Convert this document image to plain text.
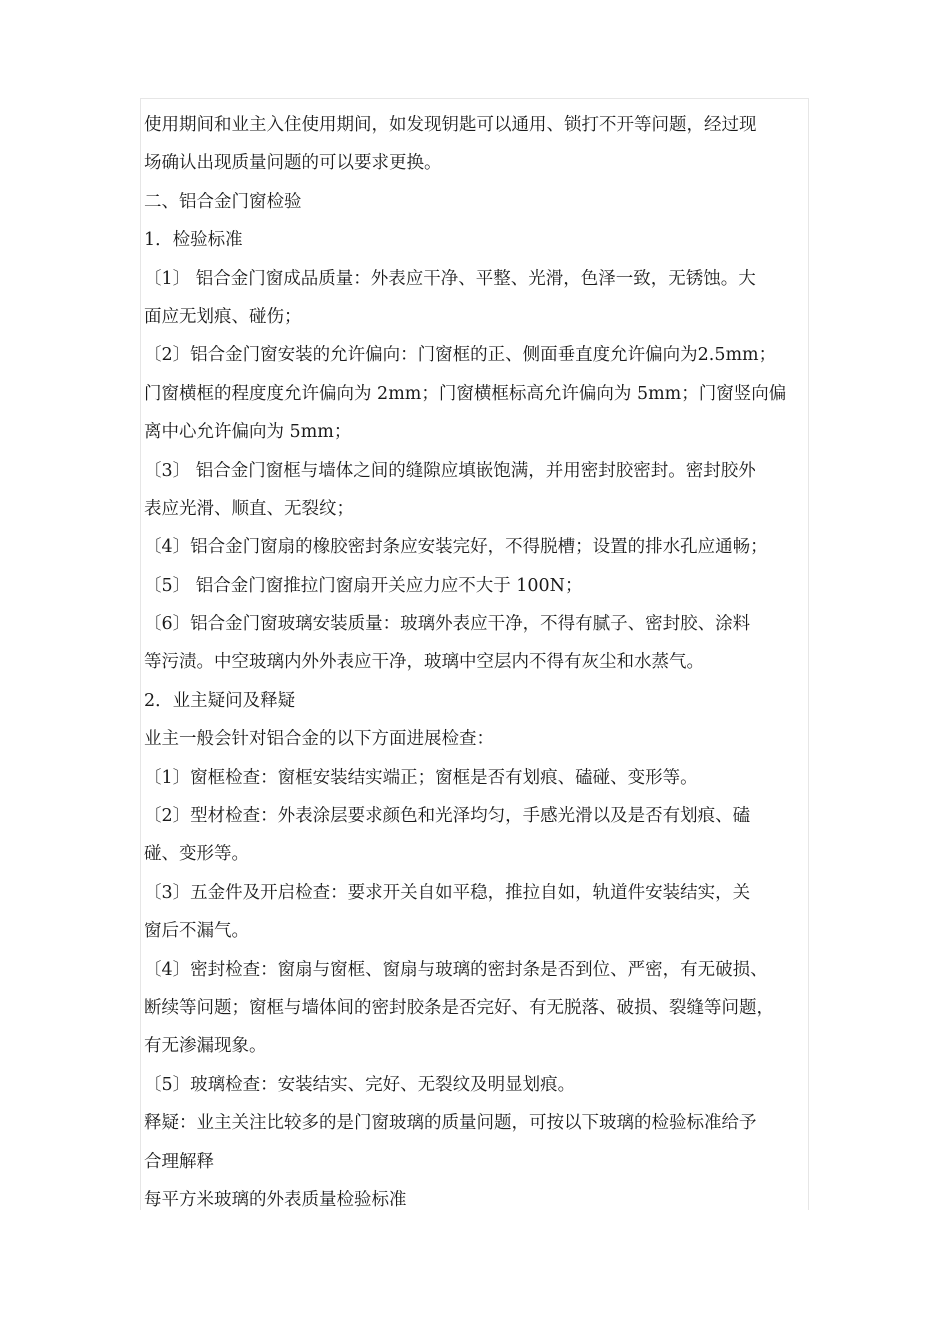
使用期间和业主入住使用期间，如发现钥匙可以通用、锁打不开等问题，经过现
场确认出现质量问题的可以要求更换。
二、铝合金门窗检验
1．检验标准
〔1〕 铝合金门窗成品质量：外表应干净、平整、光滑，色泽一致，无锈蚀。大
面应无划痕、碰伤；
〔2〕铝合金门窗安装的允许偏向：门窗框的正、侧面垂直度允许偏向为2.5mm；
门窗横框的程度度允许偏向为 2mm；门窗横框标高允许偏向为 5mm；门窗竖向偏
离中心允许偏向为 5mm；
〔3〕 铝合金门窗框与墙体之间的缝隙应填嵌饱满，并用密封胶密封。密封胶外
表应光滑、顺直、无裂纹；
〔4〕铝合金门窗扇的橡胶密封条应安装完好，不得脱槽；设置的排水孔应通畅；
〔5〕 铝合金门窗推拉门窗扇开关应力应不大于 100N；
〔6〕铝合金门窗玻璃安装质量：玻璃外表应干净，不得有腻子、密封胶、涂料
等污渍。中空玻璃内外外表应干净，玻璃中空层内不得有灰尘和水蒸气。
2．业主疑问及释疑
业主一般会针对铝合金的以下方面进展检查：
〔1〕窗框检查：窗框安装结实端正；窗框是否有划痕、磕碰、变形等。
〔2〕型材检查：外表涂层要求颜色和光泽均匀，手感光滑以及是否有划痕、磕
碰、变形等。
〔3〕五金件及开启检查：要求开关自如平稳，推拉自如，轨道件安装结实，关
窗后不漏气。
〔4〕密封检查：窗扇与窗框、窗扇与玻璃的密封条是否到位、严密，有无破损、
断续等问题；窗框与墙体间的密封胶条是否完好、有无脱落、破损、裂缝等问题，
有无渗漏现象。
〔5〕玻璃检查：安装结实、完好、无裂纹及明显划痕。
释疑：业主关注比较多的是门窗玻璃的质量问题，可按以下玻璃的检验标准给予
合理解释
每平方米玻璃的外表质量检验标准
